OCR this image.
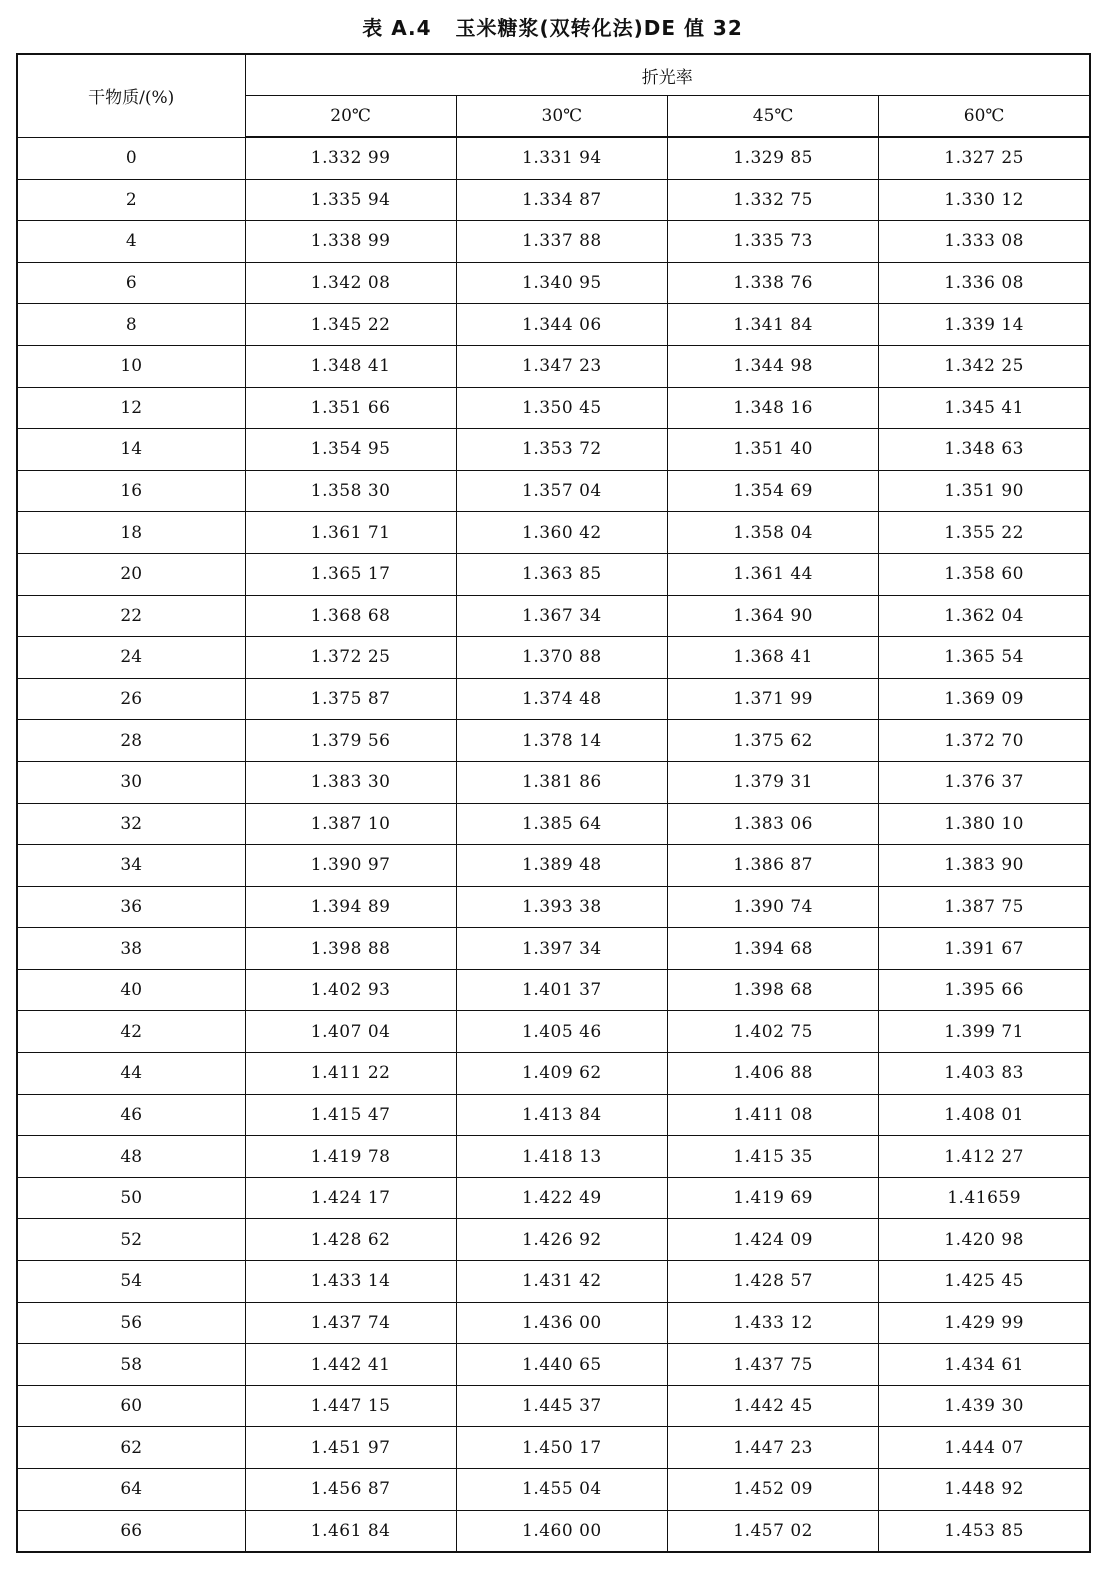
表 A.4   玉米糖浆(双转化法)DE 值 32
干物质/(%)	折光率			
	20℃	30℃	45℃	60℃
0	1.332 99	1.331 94	1.329 85	1.327 25
2	1.335 94	1.334 87	1.332 75	1.330 12
4	1.338 99	1.337 88	1.335 73	1.333 08
6	1.342 08	1.340 95	1.338 76	1.336 08
8	1.345 22	1.344 06	1.341 84	1.339 14
10	1.348 41	1.347 23	1.344 98	1.342 25
12	1.351 66	1.350 45	1.348 16	1.345 41
14	1.354 95	1.353 72	1.351 40	1.348 63
16	1.358 30	1.357 04	1.354 69	1.351 90
18	1.361 71	1.360 42	1.358 04	1.355 22
20	1.365 17	1.363 85	1.361 44	1.358 60
22	1.368 68	1.367 34	1.364 90	1.362 04
24	1.372 25	1.370 88	1.368 41	1.365 54
26	1.375 87	1.374 48	1.371 99	1.369 09
28	1.379 56	1.378 14	1.375 62	1.372 70
30	1.383 30	1.381 86	1.379 31	1.376 37
32	1.387 10	1.385 64	1.383 06	1.380 10
34	1.390 97	1.389 48	1.386 87	1.383 90
36	1.394 89	1.393 38	1.390 74	1.387 75
38	1.398 88	1.397 34	1.394 68	1.391 67
40	1.402 93	1.401 37	1.398 68	1.395 66
42	1.407 04	1.405 46	1.402 75	1.399 71
44	1.411 22	1.409 62	1.406 88	1.403 83
46	1.415 47	1.413 84	1.411 08	1.408 01
48	1.419 78	1.418 13	1.415 35	1.412 27
50	1.424 17	1.422 49	1.419 69	1.41659
52	1.428 62	1.426 92	1.424 09	1.420 98
54	1.433 14	1.431 42	1.428 57	1.425 45
56	1.437 74	1.436 00	1.433 12	1.429 99
58	1.442 41	1.440 65	1.437 75	1.434 61
60	1.447 15	1.445 37	1.442 45	1.439 30
62	1.451 97	1.450 17	1.447 23	1.444 07
64	1.456 87	1.455 04	1.452 09	1.448 92
66	1.461 84	1.460 00	1.457 02	1.453 85
